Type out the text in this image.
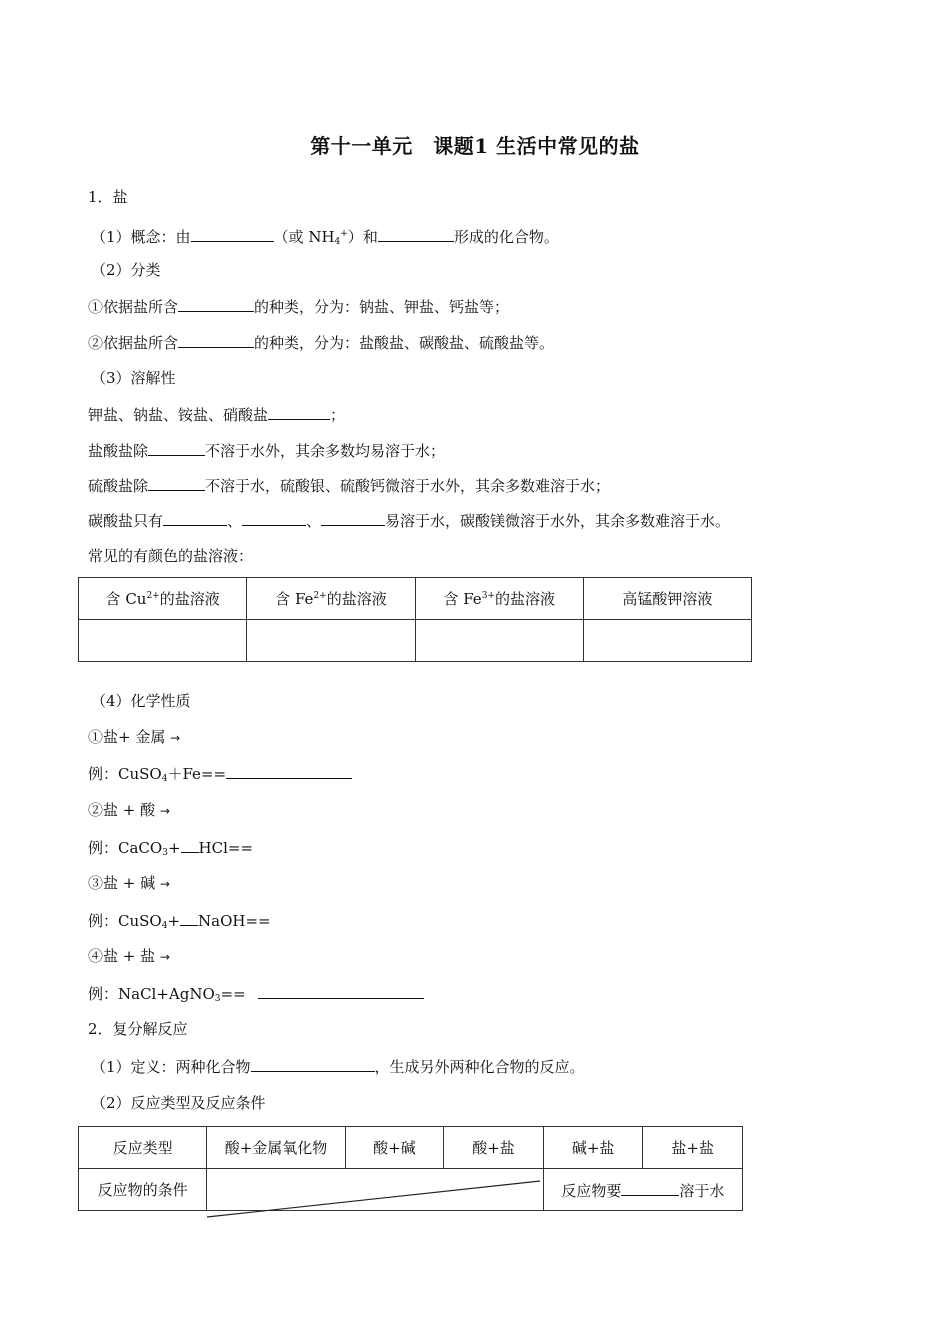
第十一单元　课题1 生活中常见的盐
1．盐
（1）概念：由	（或 $NH_4^+$）和	形成的化合物。
（2）分类
①依据盐所含	的种类，分为：钠盐、钾盐、钙盐等；
②依据盐所含	的种类，分为：盐酸盐、碳酸盐、硫酸盐等。
（3）溶解性
钾盐、钠盐、铵盐、硝酸盐	；
盐酸盐除	不溶于水外，其余多数均易溶于水；
硫酸盐除	不溶于水，硫酸银、硫酸钙微溶于水外，其余多数难溶于水；
碳酸盐只有	、	、	易溶于水，碳酸镁微溶于水外，其余多数难溶于水。
常见的有颜色的盐溶液：
含 $Cu^{2+}$的盐溶液	含 $Fe^{2+}$的盐溶液	含 $Fe^{3+}$的盐溶液	高锰酸钾溶液

（4）化学性质
①盐+ 金属 →
例：CuSO$_4$＋Fe==
②盐 + 酸 →
例：CaCO$_3$+ HCl==
③盐 + 碱 →
例：CuSO$_4$+ NaOH==
④盐 + 盐 →
例：NaCl+AgNO$_3$==
2．复分解反应
（1）定义：两种化合物	，生成另外两种化合物的反应。
（2）反应类型及反应条件
反应类型	酸+金属氧化物	酸+碱	酸+盐	碱+盐	盐+盐
反应物的条件				反应物要 溶于水	
